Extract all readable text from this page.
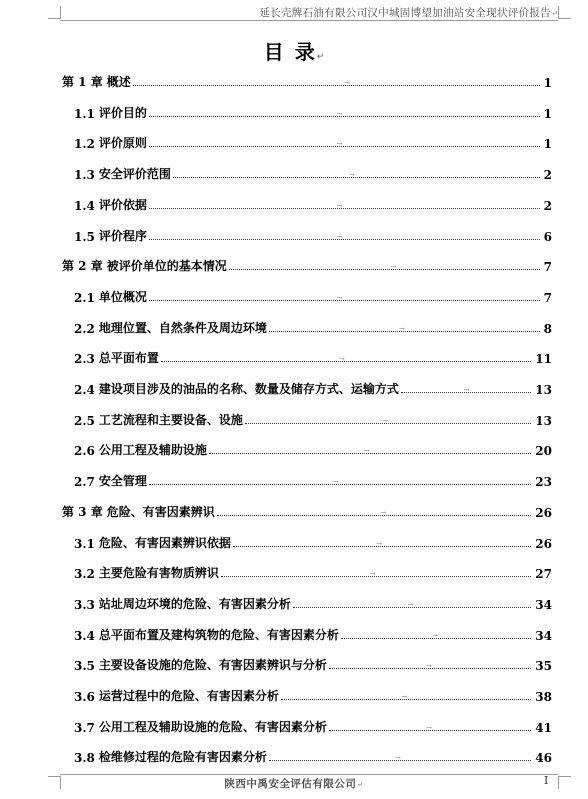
延长壳牌石油有限公司汉中城固博望加油站安全现状评价报告↵
目 录↵
第 1 章 概述	→	1
1.1 评价目的	→	1
1.2 评价原则	→	1
1.3 安全评价范围	→	2
1.4 评价依据	→	2
1.5 评价程序	→	6
第 2 章 被评价单位的基本情况	→	7
2.1 单位概况	→	7
2.2 地理位置、自然条件及周边环境	→	8
2.3 总平面布置	→	11
2.4 建设项目涉及的油品的名称、数量及储存方式、运输方式	→	13
2.5 工艺流程和主要设备、设施	→	13
2.6 公用工程及辅助设施	→	20
2.7 安全管理	→	23
第 3 章 危险、有害因素辨识	→	26
3.1 危险、有害因素辨识依据	→	26
3.2 主要危险有害物质辨识	→	27
3.3 站址周边环境的危险、有害因素分析	→	34
3.4 总平面布置及建构筑物的危险、有害因素分析	→	34
3.5 主要设备设施的危险、有害因素辨识与分析	→	35
3.6 运营过程中的危险、有害因素分析	→	38
3.7 公用工程及辅助设施的危险、有害因素分析	→	41
3.8 检维修过程的危险有害因素分析	→	46
陕西中禹安全评估有限公司↵	I
